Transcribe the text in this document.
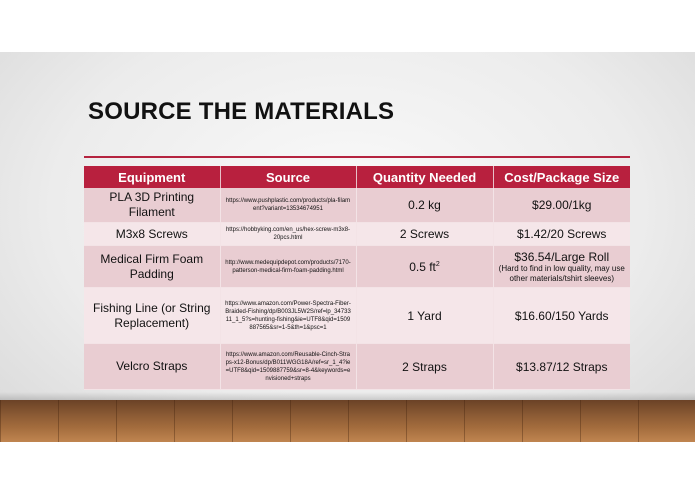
SOURCE THE MATERIALS
Equipment	Source	Quantity Needed	Cost/Package Size
PLA 3D Printing Filament	https://www.pushplastic.com/products/pla-filament?variant=13534674951	0.2 kg	$29.00/1kg
M3x8 Screws	https://hobbyking.com/en_us/hex-screw-m3x8-20pcs.html	2 Screws	$1.42/20 Screws
Medical Firm Foam Padding	http://www.medequipdepot.com/products/7170-patterson-medical-firm-foam-padding.html	0.5 $ft^2$	$36.54/Large Roll
(Hard to find in low quality, may use other materials/tshirt sleeves)

Fishing Line (or String Replacement)	https://www.amazon.com/Power-Spectra-Fiber-Braided-Fishing/dp/B003JL5W2S/ref=lp_3473311_1_5?s=hunting-fishing&ie=UTF8&qid=1509887565&sr=1-5&th=1&psc=1	1 Yard	$16.60/150 Yards
Velcro Straps	https://www.amazon.com/Reusable-Cinch-Straps-x12-Bonus/dp/B011WGG18A/ref=sr_1_4?ie=UTF8&qid=1509887759&sr=8-4&keywords=envisioned+straps	2 Straps	$13.87/12 Straps
